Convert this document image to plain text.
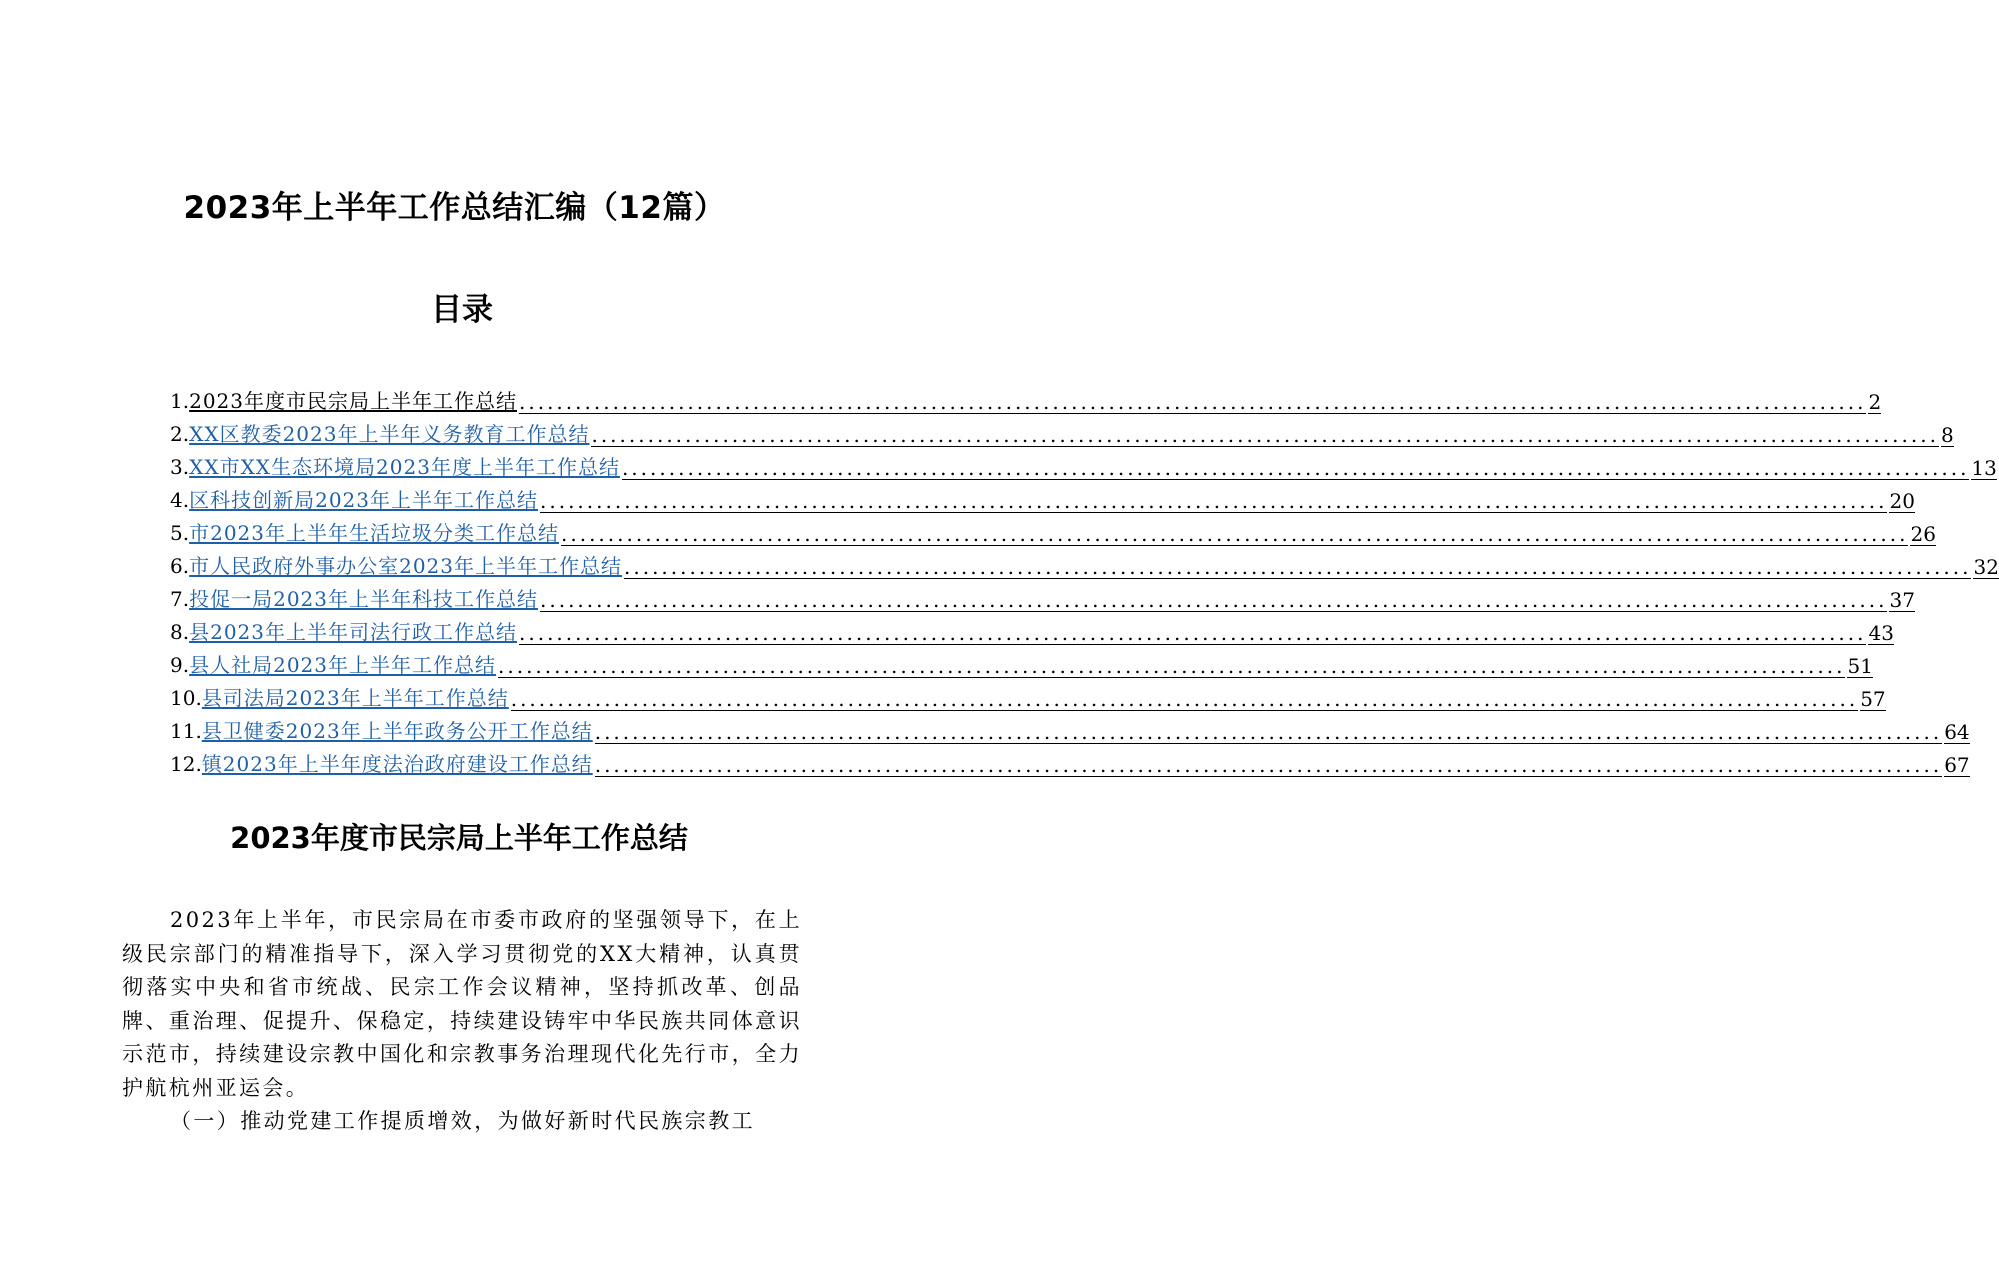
2023年上半年工作总结汇编（12篇）
目录
1. 2023年度市民宗局上半年工作总结 .....	2
2. XX区教委2023年上半年义务教育工作总结 .....	8
3. XX市XX生态环境局2023年度上半年工作总结 .....	13
4. 区科技创新局2023年上半年工作总结 .....	20
5. 市2023年上半年生活垃圾分类工作总结 .....	26
6. 市人民政府外事办公室2023年上半年工作总结 .....	32
7. 投促一局2023年上半年科技工作总结 .....	37
8. 县2023年上半年司法行政工作总结 .....	43
9. 县人社局2023年上半年工作总结 .....	51
10. 县司法局2023年上半年工作总结 .....	57
11. 县卫健委2023年上半年政务公开工作总结 .....	64
12. 镇2023年上半年度法治政府建设工作总结 .....	67
2023年度市民宗局上半年工作总结

2023年上半年，市民宗局在市委市政府的坚强领导下，在上级民宗部门的精准指导下，深入学习贯彻党的XX大精神，认真贯彻落实中央和省市统战、民宗工作会议精神，坚持抓改革、创品牌、重治理、促提升、保稳定，持续建设铸牢中华民族共同体意识示范市，持续建设宗教中国化和宗教事务治理现代化先行市，全力护航杭州亚运会。

（一）推动党建工作提质增效，为做好新时代民族宗教工
